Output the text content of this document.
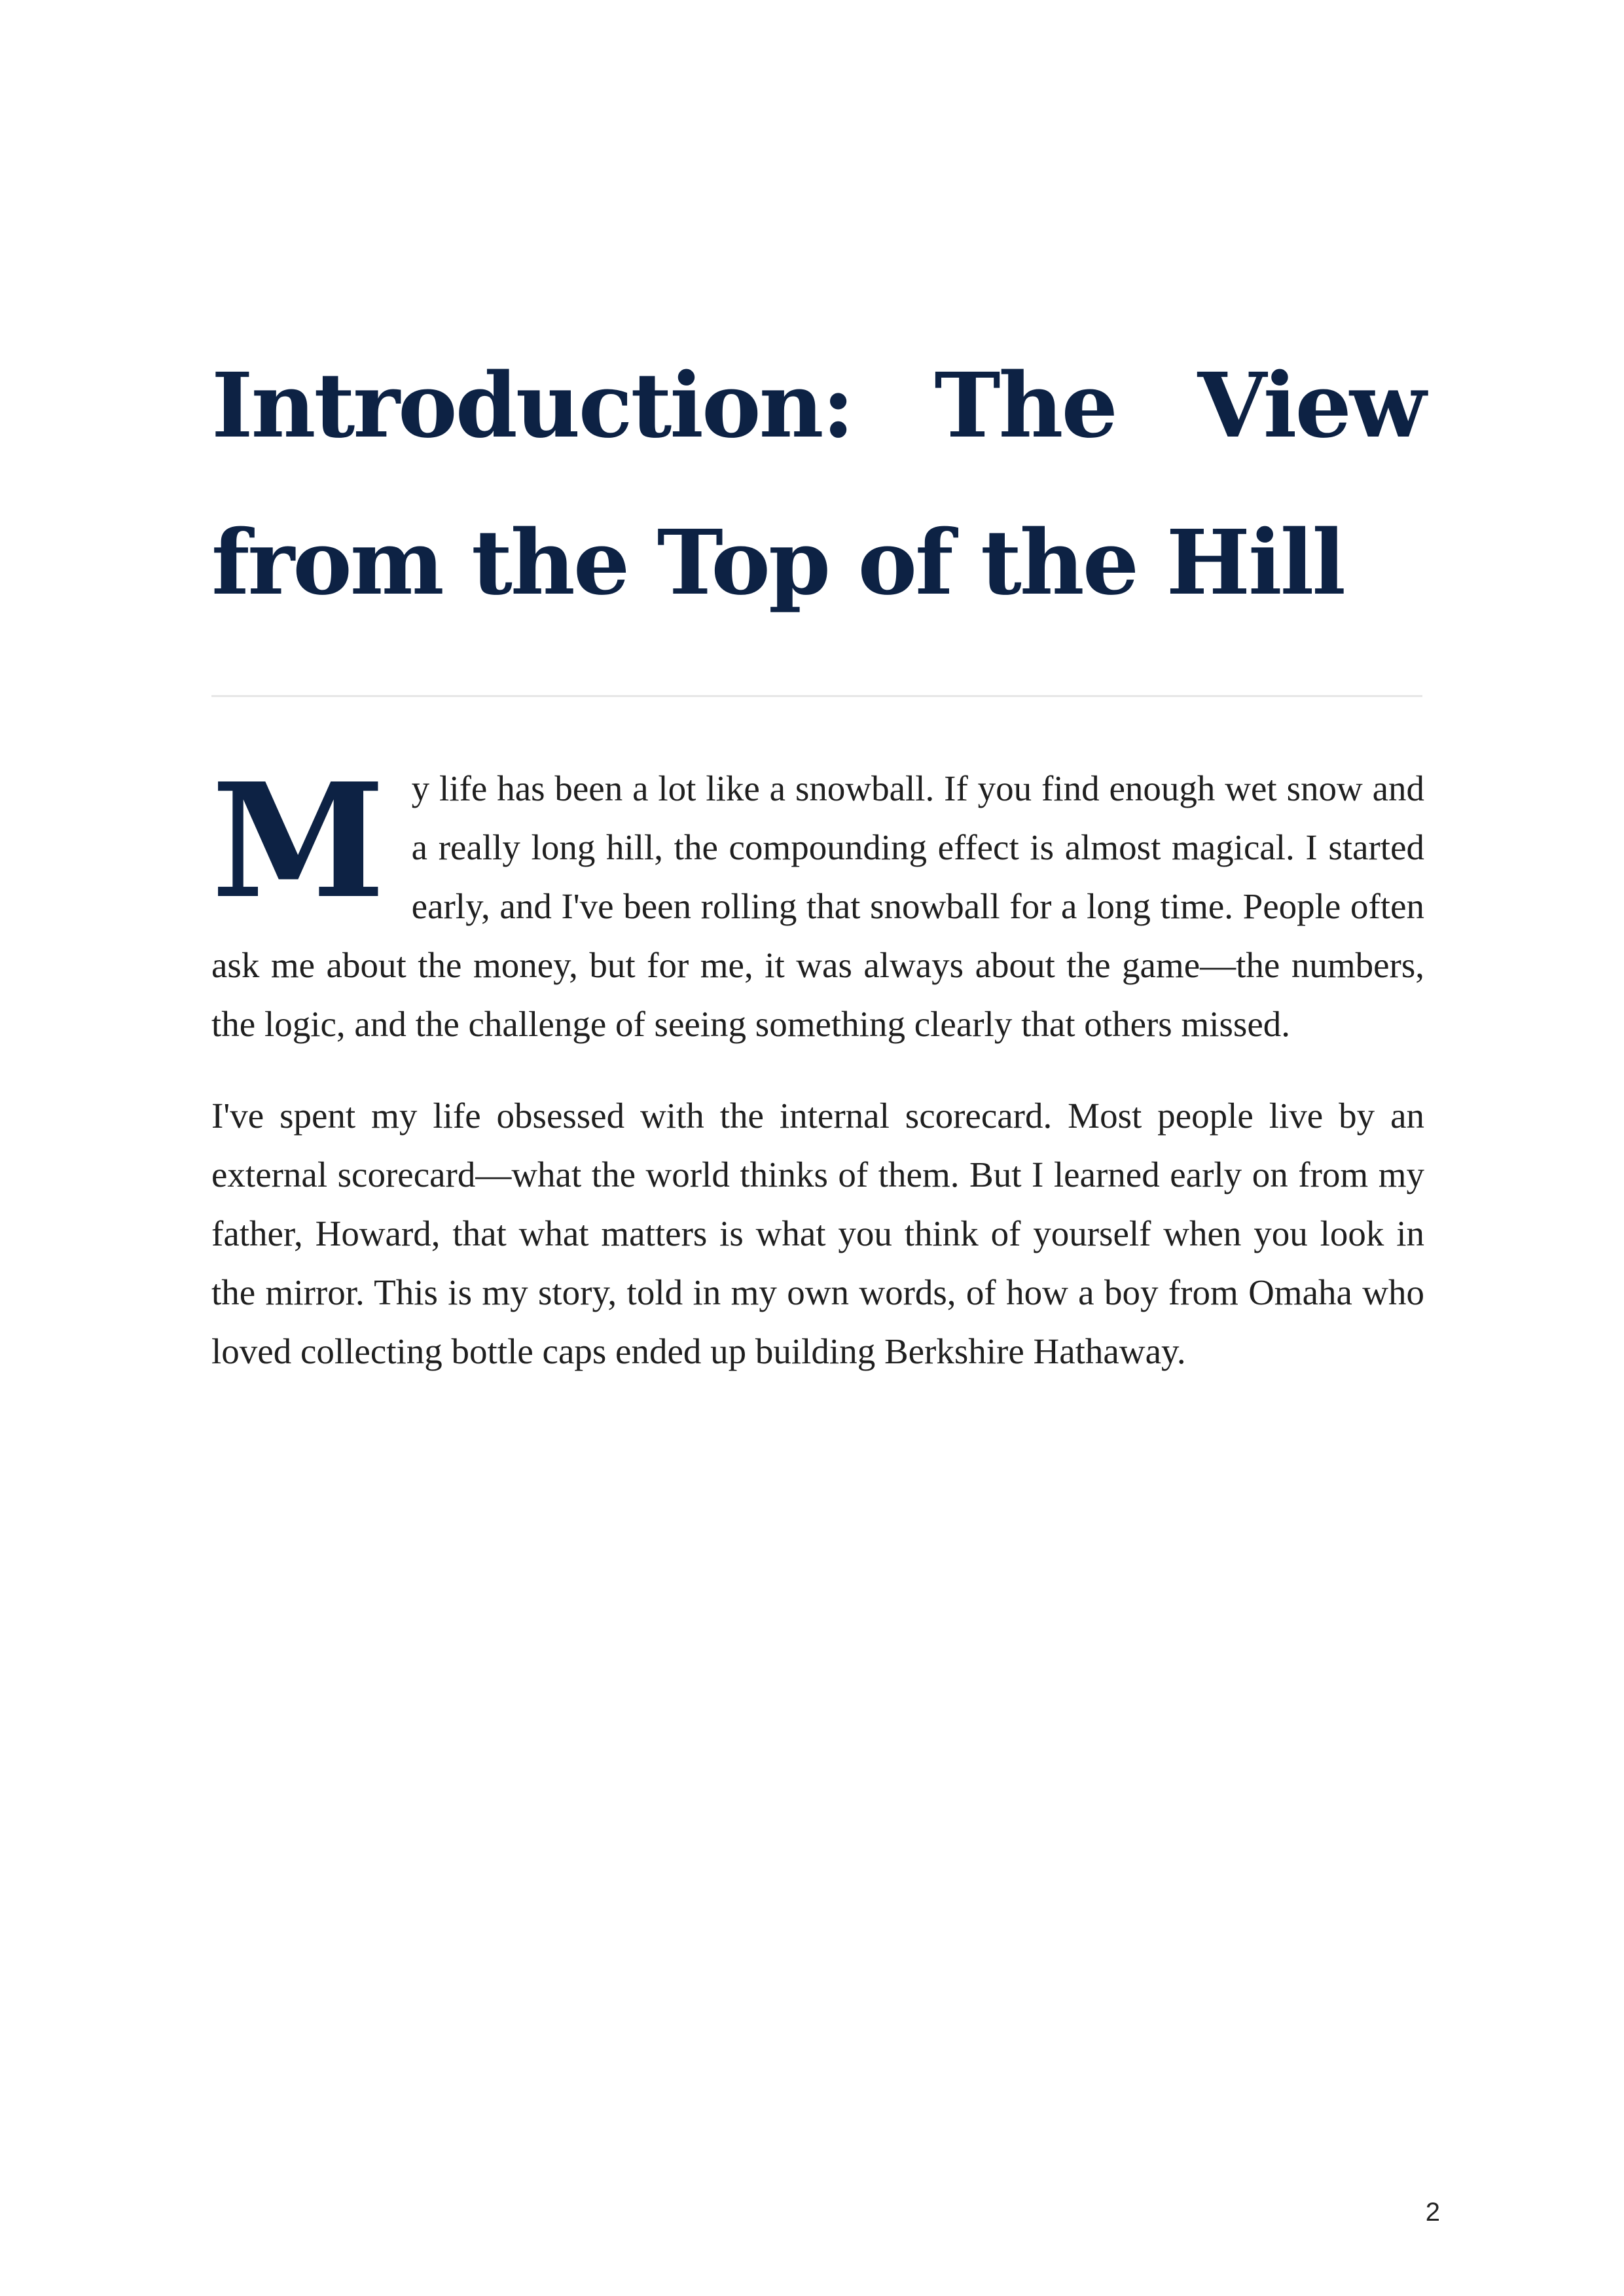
Introduction: The View from the Top of the Hill

My life has been a lot like a snowball. If you find enough wet snow and a really long hill, the compounding effect is almost magical. I started early, and I've been rolling that snowball for a long time. People often ask me about the money, but for me, it was always about the game—the numbers, the logic, and the challenge of seeing something clearly that others missed.

I've spent my life obsessed with the internal scorecard. Most people live by an external scorecard—what the world thinks of them. But I learned early on from my father, Howard, that what matters is what you think of yourself when you look in the mirror. This is my story, told in my own words, of how a boy from Omaha who loved collecting bottle caps ended up building Berkshire Hathaway.

2
